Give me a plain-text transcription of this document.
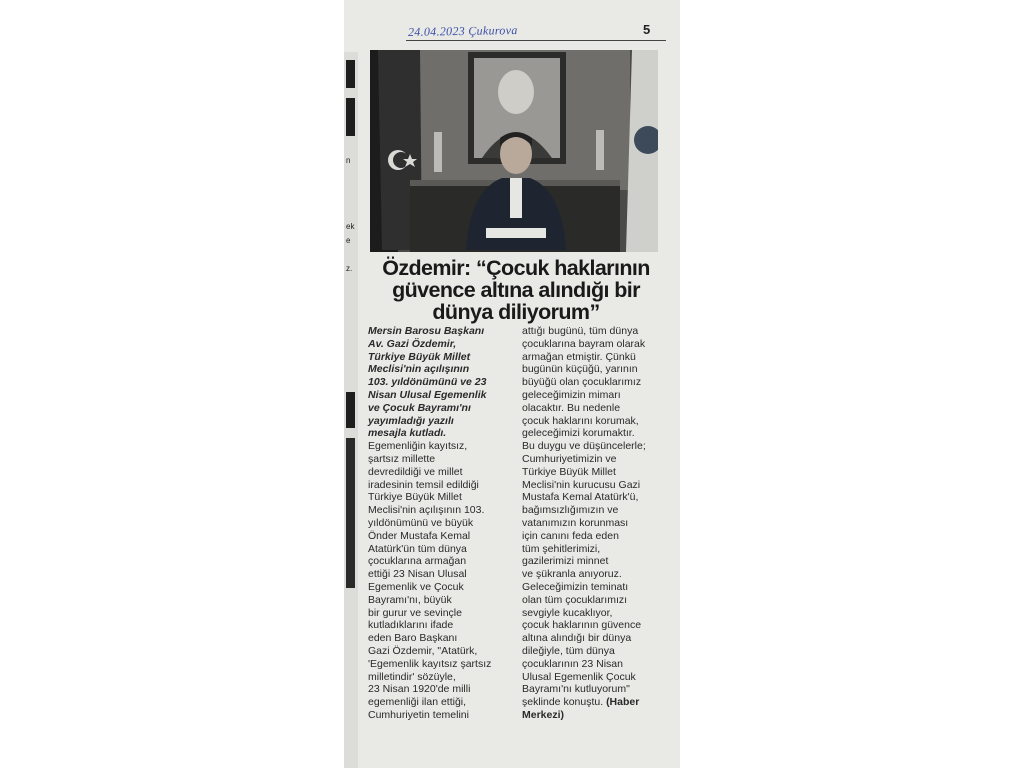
n
ek
e
z.
24.04.2023 Çukurova	5
Özdemir: “Çocuk haklarının
güvence altına alındığı bir
dünya diliyorum”
Mersin Barosu Başkanı
Av. Gazi Özdemir,
Türkiye Büyük Millet
Meclisi'nin açılışının
103. yıldönümünü ve 23
Nisan Ulusal Egemenlik
ve Çocuk Bayramı'nı
yayımladığı yazılı
mesajla kutladı.
Egemenliğin kayıtsız,
şartsız millette
devredildiği ve millet
iradesinin temsil edildiği
Türkiye Büyük Millet
Meclisi'nin açılışının 103.
yıldönümünü ve büyük
Önder Mustafa Kemal
Atatürk'ün tüm dünya
çocuklarına armağan
ettiği 23 Nisan Ulusal
Egemenlik ve Çocuk
Bayramı'nı, büyük
bir gurur ve sevinçle
kutladıklarını ifade
eden Baro Başkanı
Gazi Özdemir, "Atatürk,
'Egemenlik kayıtsız şartsız
milletindir' sözüyle,
23 Nisan 1920'de milli
egemenliği ilan ettiği,
Cumhuriyetin temelini
attığı bugünü, tüm dünya
çocuklarına bayram olarak
armağan etmiştir. Çünkü
bugünün küçüğü, yarının
büyüğü olan çocuklarımız
geleceğimizin mimarı
olacaktır. Bu nedenle
çocuk haklarını korumak,
geleceğimizi korumaktır.
Bu duygu ve düşüncelerle;
Cumhuriyetimizin ve
Türkiye Büyük Millet
Meclisi'nin kurucusu Gazi
Mustafa Kemal Atatürk'ü,
bağımsızlığımızın ve
vatanımızın korunması
için canını feda eden
tüm şehitlerimizi,
gazilerimizi minnet
ve şükranla anıyoruz.
Geleceğimizin teminatı
olan tüm çocuklarımızı
sevgiyle kucaklıyor,
çocuk haklarının güvence
altına alındığı bir dünya
dileğiyle, tüm dünya
çocuklarının 23 Nisan
Ulusal Egemenlik Çocuk
Bayramı'nı kutluyorum"
şeklinde konuştu. (Haber
Merkezi)
